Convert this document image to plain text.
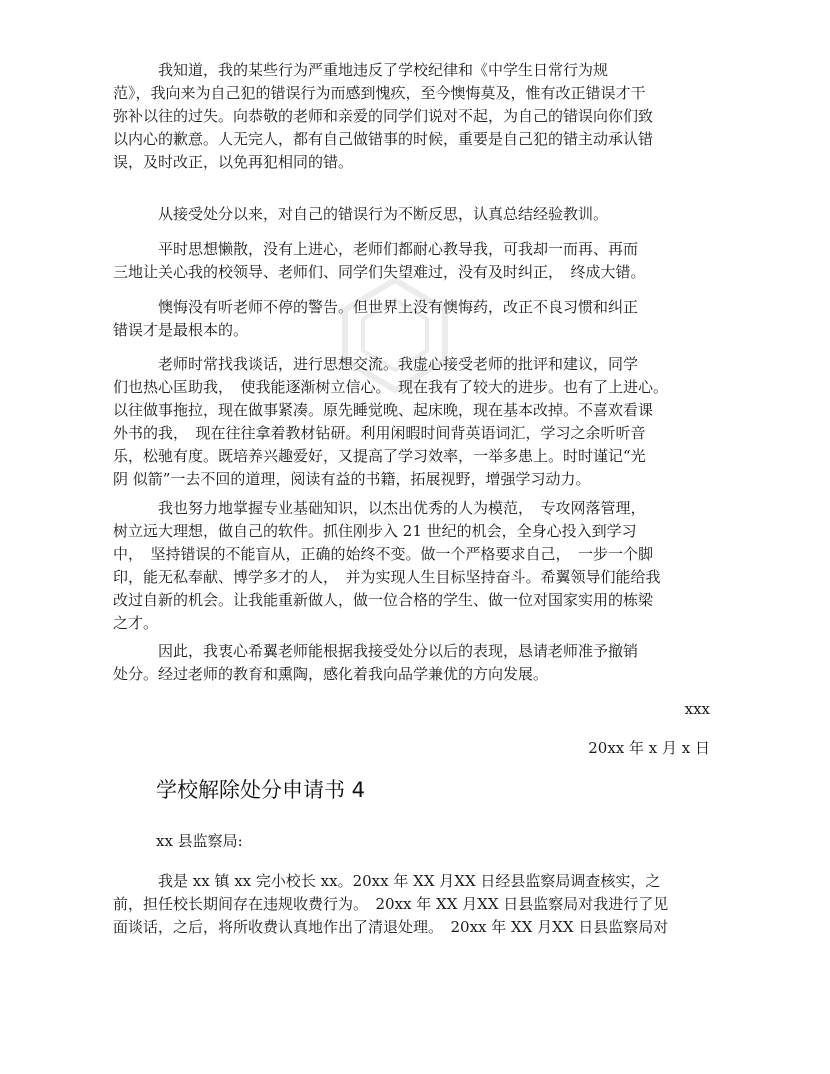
　　　我知道，我的某些行为严重地违反了学校纪律和《中学生日常行为规
范》，我向来为自己犯的错误行为而感到愧疚，至今懊悔莫及，惟有改正错误才干
弥补以往的过失。向恭敬的老师和亲爱的同学们说对不起，为自己的错误向你们致
以内心的歉意。人无完人，都有自己做错事的时候，重要是自己犯的错主动承认错
误，及时改正，以免再犯相同的错。

　　　从接受处分以来，对自己的错误行为不断反思，认真总结经验教训。

　　　平时思想懒散，没有上进心，老师们都耐心教导我，可我却一而再、再而
三地让关心我的校领导、老师们、同学们失望难过，没有及时纠正，　终成大错。

　　　懊悔没有听老师不停的警告。但世界上没有懊悔药，改正不良习惯和纠正
错误才是最根本的。

　　　老师时常找我谈话，进行思想交流。我虚心接受老师的批评和建议，同学
们也热心匡助我，　使我能逐渐树立信心。　现在我有了较大的进步。也有了上进心。
以往做事拖拉，现在做事紧凑。原先睡觉晚、起床晚，现在基本改掉。不喜欢看课
外书的我，　现在往往拿着教材钻研。利用闲暇时间背英语词汇，学习之余听听音
乐，松驰有度。既培养兴趣爱好，又提高了学习效率，一举多患上。时时谨记“光
阴 似箭”一去不回的道理，阅读有益的书籍，拓展视野，增强学习动力。

　　　我也努力地掌握专业基础知识，以杰出优秀的人为模范，　专攻网落管理，
树立远大理想，做自己的软件。抓住刚步入 21 世纪的机会，全身心投入到学习
中，　坚持错误的不能盲从，正确的始终不变。做一个严格要求自己，　一步一个脚
印，能无私奉献、博学多才的人，　并为实现人生目标坚持奋斗。希翼领导们能给我
改过自新的机会。让我能重新做人，做一位合格的学生、做一位对国家实用的栋梁
之才。

　　　因此，我衷心希翼老师能根据我接受处分以后的表现，恳请老师准予撤销
处分。经过老师的教育和熏陶，感化着我向品学兼优的方向发展。

xxx
20xx 年 x 月 x 日
学校解除处分申请书 4
xx 县监察局:

　　　我是 xx 镇 xx 完小校长 xx。20xx 年 XX 月XX 日经县监察局调查核实，之
前，担任校长期间存在违规收费行为。　20xx 年 XX 月XX 日县监察局对我进行了见
面谈话，之后，将所收费认真地作出了清退处理。　20xx 年 XX 月XX 日县监察局对
